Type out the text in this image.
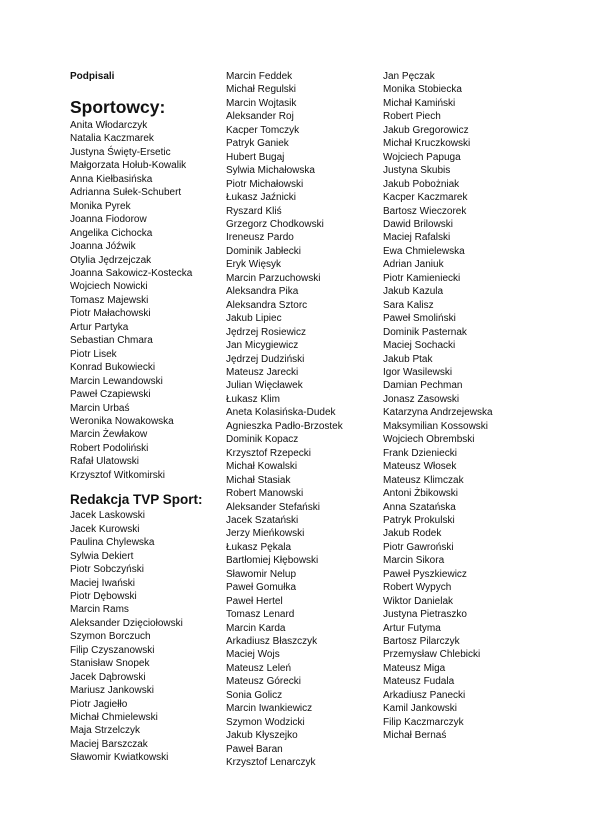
Podpisali
Sportowcy:
Anita Włodarczyk
Natalia Kaczmarek
Justyna Święty-Ersetic
Małgorzata Hołub-Kowalik
Anna Kiełbasińska
Adrianna Sułek-Schubert
Monika Pyrek
Joanna Fiodorow
Angelika Cichocka
Joanna Jóźwik
Otylia Jędrzejczak
Joanna Sakowicz-Kostecka
Wojciech Nowicki
Tomasz Majewski
Piotr Małachowski
Artur Partyka
Sebastian Chmara
Piotr Lisek
Konrad Bukowiecki
Marcin Lewandowski
Paweł Czapiewski
Marcin Urbaś
Weronika Nowakowska
Marcin Żewłakow
Robert Podoliński
Rafał Ulatowski
Krzysztof Witkomirski
Redakcja TVP Sport:
Jacek Laskowski
Jacek Kurowski
Paulina Chylewska
Sylwia Dekiert
Piotr Sobczyński
Maciej Iwański
Piotr Dębowski
Marcin Rams
Aleksander Dzięciołowski
Szymon Borczuch
Filip Czyszanowski
Stanisław Snopek
Jacek Dąbrowski
Mariusz Jankowski
Piotr Jagiełło
Michał Chmielewski
Maja Strzelczyk
Maciej Barszczak
Sławomir Kwiatkowski
Marcin Feddek
Michał Regulski
Marcin Wojtasik
Aleksander Roj
Kacper Tomczyk
Patryk Ganiek
Hubert Bugaj
Sylwia Michałowska
Piotr Michałowski
Łukasz Jaźnicki
Ryszard Kliś
Grzegorz Chodkowski
Ireneusz Pardo
Dominik Jabłecki
Eryk Więsyk
Marcin Parzuchowski
Aleksandra Pika
Aleksandra Sztorc
Jakub Lipiec
Jędrzej Rosiewicz
Jan Micygiewicz
Jędrzej Dudziński
Mateusz Jarecki
Julian Więcławek
Łukasz Klim
Aneta Kolasińska-Dudek
Agnieszka Padło-Brzostek
Dominik Kopacz
Krzysztof Rzepecki
Michał Kowalski
Michał Stasiak
Robert Manowski
Aleksander Stefański
Jacek Szatański
Jerzy Mieńkowski
Łukasz Pękala
Bartłomiej Kłębowski
Sławomir Nelup
Paweł Gomułka
Paweł Hertel
Tomasz Lenard
Marcin Karda
Arkadiusz Błaszczyk
Maciej Wojs
Mateusz Leleń
Mateusz Górecki
Sonia Golicz
Marcin Iwankiewicz
Szymon Wodzicki
Jakub Kłyszejko
Paweł Baran
Krzysztof Lenarczyk
Jan Pęczak
Monika Stobiecka
Michał Kamiński
Robert Piech
Jakub Gregorowicz
Michał Kruczkowski
Wojciech Papuga
Justyna Skubis
Jakub Pobożniak
Kacper Kaczmarek
Bartosz Wieczorek
Dawid Brilowski
Maciej Rafalski
Ewa Chmielewska
Adrian Janiuk
Piotr Kamieniecki
Jakub Kazula
Sara Kalisz
Paweł Smoliński
Dominik Pasternak
Maciej Sochacki
Jakub Ptak
Igor Wasilewski
Damian Pechman
Jonasz Zasowski
Katarzyna Andrzejewska
Maksymilian Kossowski
Wojciech Obrembski
Frank Dzieniecki
Mateusz Włosek
Mateusz Klimczak
Antoni Żbikowski
Anna Szatańska
Patryk Prokulski
Jakub Rodek
Piotr Gawroński
Marcin Sikora
Paweł Pyszkiewicz
Robert Wypych
Wiktor Danielak
Justyna Pietraszko
Artur Futyma
Bartosz Pilarczyk
Przemysław Chlebicki
Mateusz Miga
Mateusz Fudala
Arkadiusz Panecki
Kamil Jankowski
Filip Kaczmarczyk
Michał Bernaś
